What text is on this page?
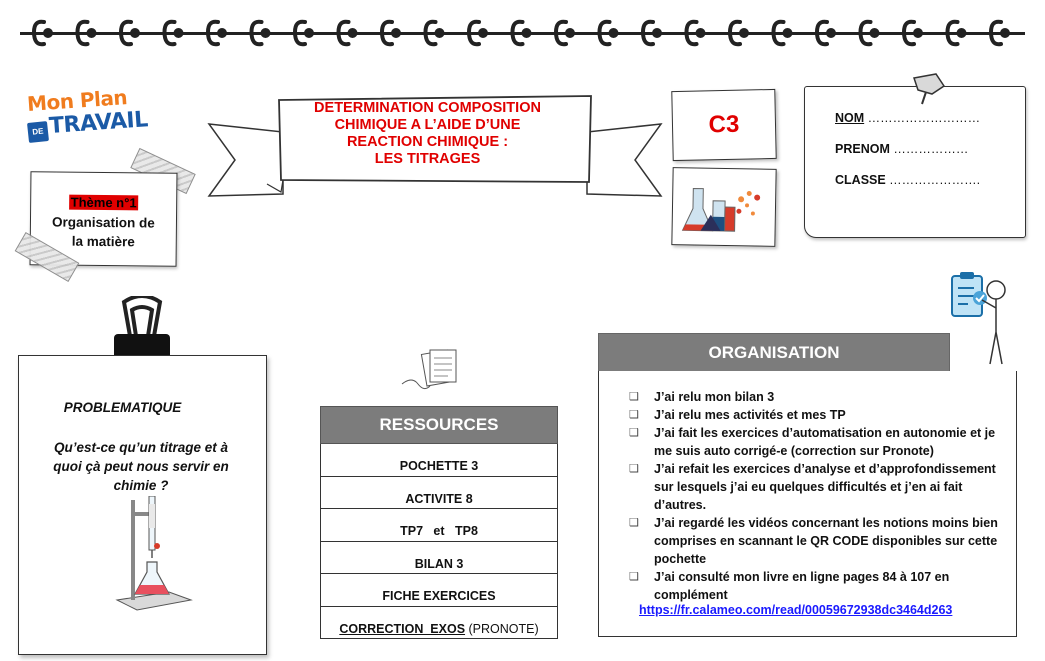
Mon Plan
DE TRAVAIL
Thème n°1
Organisation de
la matière
DETERMINATION COMPOSITION
CHIMIQUE A L’AIDE D’UNE
REACTION CHIMIQUE :
LES TITRAGES
C3	NOM ………………………
PRENOM ………………
CLASSE ………………….
PROBLEMATIQUE
Qu’est-ce qu’un titrage et à quoi çà peut nous servir en chimie ?
RESSOURCES
POCHETTE 3
ACTIVITE 8
TP7   et   TP8
BILAN 3
FICHE EXERCICES
CORRECTION  EXOS (PRONOTE)
ORGANISATION
❑ J’ai relu mon bilan 3
❑ J’ai relu mes activités et mes TP
❑ J’ai fait les exercices d’automatisation en autonomie et je me suis auto corrigé-e (correction sur Pronote)
❑ J’ai refait les exercices d’analyse et d’approfondissement sur lesquels j’ai eu quelques difficultés et j’en ai fait d’autres.
❑ J’ai regardé les vidéos concernant les notions moins bien comprises en scannant le QR CODE disponibles sur cette pochette
❑ J’ai consulté mon livre en ligne pages 84 à 107 en complément
https://fr.calameo.com/read/00059672938dc3464d263
